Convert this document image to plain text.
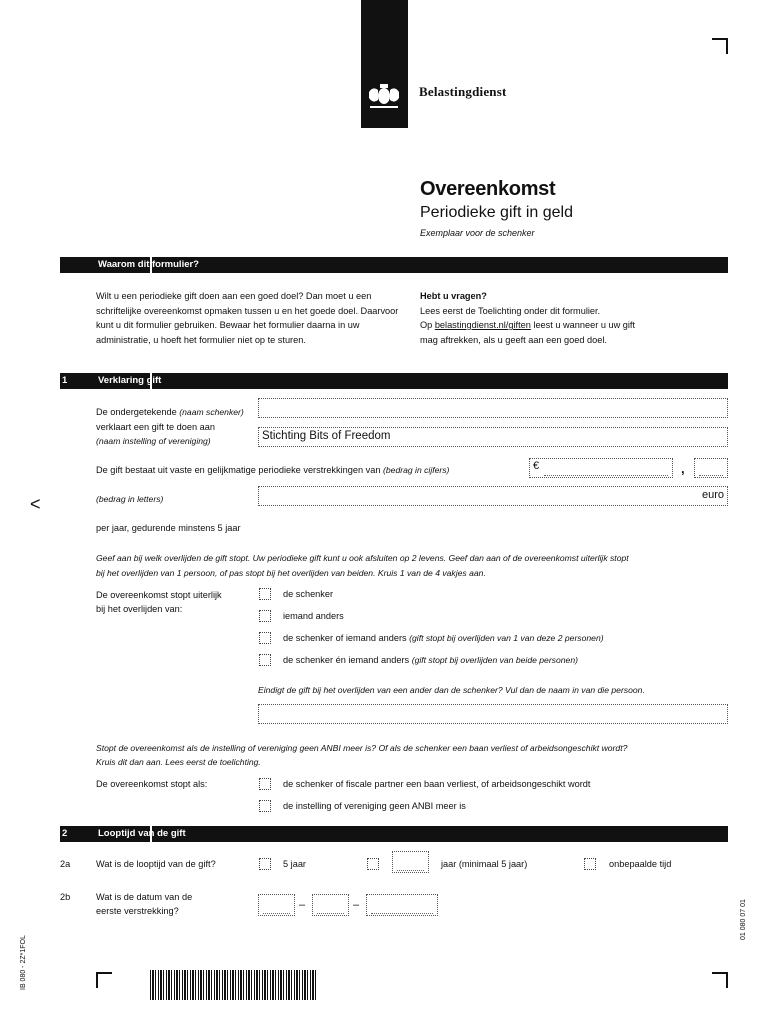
Belastingdienst
Overeenkomst
Periodieke gift in geld
Exemplaar voor de schenker
Waarom dit formulier?
Wilt u een periodieke gift doen aan een goed doel? Dan moet u een schriftelijke overeenkomst opmaken tussen u en het goede doel. Daarvoor kunt u dit formulier gebruiken. Bewaar het formulier daarna in uw administratie, u hoeft het formulier niet op te sturen.
Hebt u vragen?
Lees eerst de Toelichting onder dit formulier.
Op belastingdienst.nl/giften leest u wanneer u uw gift
mag aftrekken, als u geeft aan een goed doel.
1	Verklaring gift
De ondergetekende (naam schenker)
verklaart een gift te doen aan
(naam instelling of vereniging)	Stichting Bits of Freedom
De gift bestaat uit vaste en gelijkmatige periodieke verstrekkingen van (bedrag in cijfers)	€	,
(bedrag in letters)	euro
per jaar, gedurende minstens 5 jaar
Geef aan bij welk overlijden de gift stopt. Uw periodieke gift kunt u ook afsluiten op 2 levens. Geef dan aan of de overeenkomst uiterlijk stopt
bij het overlijden van 1 persoon, of pas stopt bij het overlijden van beiden. Kruis 1 van de 4 vakjes aan.
De overeenkomst stopt uiterlijk
bij het overlijden van:
de schenker
iemand anders
de schenker of iemand anders (gift stopt bij overlijden van 1 van deze 2 personen)
de schenker én iemand anders (gift stopt bij overlijden van beide personen)
Eindigt de gift bij het overlijden van een ander dan de schenker? Vul dan de naam in van die persoon.
Stopt de overeenkomst als de instelling of vereniging geen ANBI meer is? Of als de schenker een baan verliest of arbeidsongeschikt wordt?
Kruis dit dan aan. Lees eerst de toelichting.
De overeenkomst stopt als:	de schenker of fiscale partner een baan verliest, of arbeidsongeschikt wordt
de instelling of vereniging geen ANBI meer is
2	Looptijd van de gift
2a	Wat is de looptijd van de gift?	5 jaar	jaar (minimaal 5 jaar)	onbepaalde tijd
2b	Wat is de datum van de
eerste verstrekking?	–	–
<
IB 080 - 2Z*1FOL
01 080 07 01
